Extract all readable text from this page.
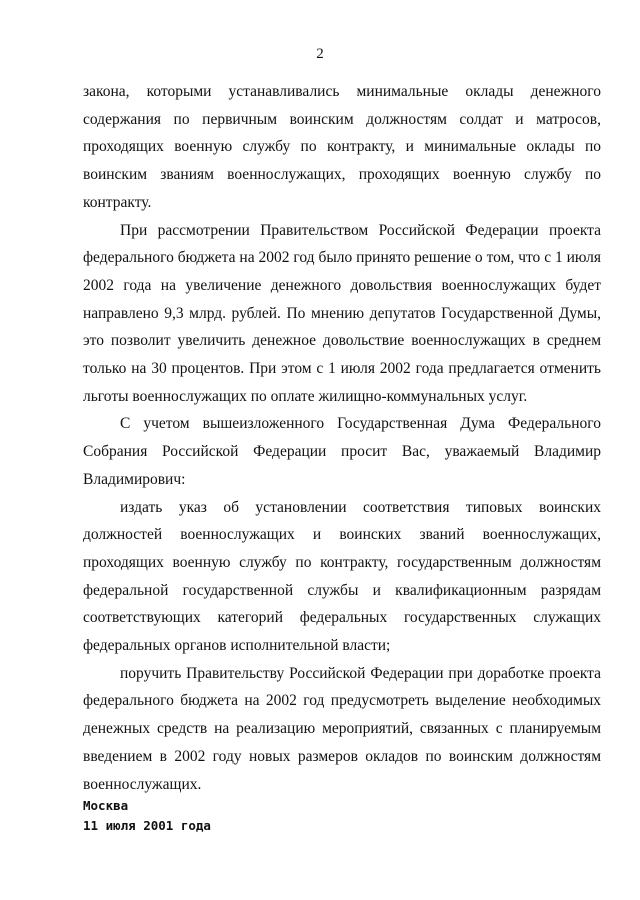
2

закона, которыми устанавливались минимальные оклады денежного содержания по первичным воинским должностям солдат и матросов, проходящих военную службу по контракту, и минимальные оклады по воинским званиям военнослужащих, проходящих военную службу по контракту.

При рассмотрении Правительством Российской Федерации проекта федерального бюджета на 2002 год было принято решение о том, что с 1 июля 2002 года на увеличение денежного довольствия военнослужащих будет направлено 9,3 млрд. рублей. По мнению депутатов Государственной Думы, это позволит увеличить денежное довольствие военнослужащих в среднем только на 30 процентов. При этом с 1 июля 2002 года предлагается отменить льготы военнослужащих по оплате жилищно-коммунальных услуг.

С учетом вышеизложенного Государственная Дума Федерального Собрания Российской Федерации просит Вас, уважаемый Владимир Владимирович:

издать указ об установлении соответствия типовых воинских должностей военнослужащих и воинских званий военнослужащих, проходящих военную службу по контракту, государственным должностям федеральной государственной службы и квалификационным разрядам соответствующих категорий федеральных государственных служащих федеральных органов исполнительной власти;

поручить Правительству Российской Федерации при доработке проекта федерального бюджета на 2002 год предусмотреть выделение необходимых денежных средств на реализацию мероприятий, связанных с планируемым введением в 2002 году новых размеров окладов по воинским должностям военнослужащих.

Москва
11 июля 2001 года
